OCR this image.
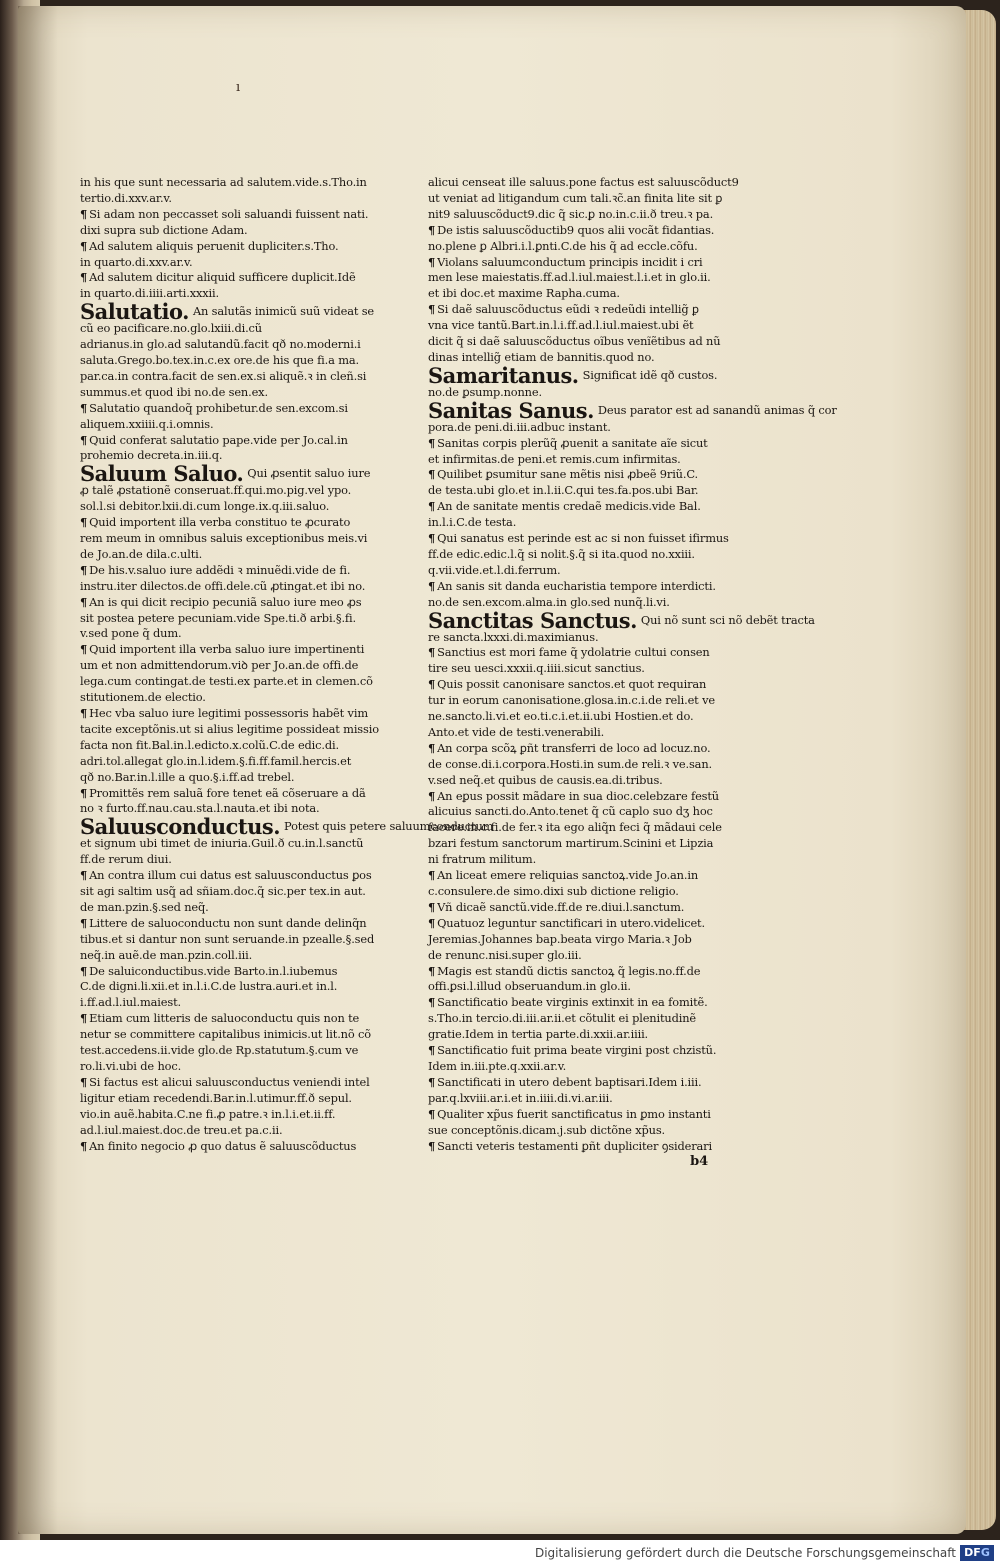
ı
in his que sunt necessaria ad salutem.vide.s.Tho.in
tertio.di.xxv.ar.v.
¶ Si adam non peccasset soli saluandi fuissent nati.
dixi supra sub dictione Adam.
¶ Ad salutem aliquis peruenit dupliciter.s.Tho.
in quarto.di.xxv.ar.v.
¶ Ad salutem dicitur aliquid sufficere duplicit.Idẽ
in quarto.di.iiii.arti.xxxii.
Salutatio. An salutãs inimicũ suũ videat se
cũ eo pacificare.no.glo.lxiii.di.cũ
adrianus.in glo.ad salutandũ.facit qð no.moderni.i
saluta.Grego.bo.tex.in.c.ex ore.de his que fi.a ma.
par.ca.in contra.facit de sen.ex.si aliquẽ.ꝛ in cleñ.si
summus.et quod ibi no.de sen.ex.
¶ Salutatio quandoq̃ prohibetur.de sen.excom.si
aliquem.xxiiii.q.i.omnis.
¶ Quid conferat salutatio pape.vide per Jo.cal.in
prohemio decreta.in.iii.q.
Saluum Saluo. Qui ꝓsentit saluo iure
ꝓ talẽ ꝓstationẽ conseruat.ff.qui.mo.pig.vel ypo.
sol.l.si debitor.lxii.di.cum longe.ix.q.iii.saluo.
¶ Quid importent illa verba constituo te ꝓcurato
rem meum in omnibus saluis exceptionibus meis.vi
de Jo.an.de dila.c.ulti.
¶ De his.v.saluo iure addẽdi ꝛ minuẽdi.vide de fi.
instru.iter dilectos.de offi.dele.cũ ꝓtingat.et ibi no.
¶ An is qui dicit recipio pecuniã saluo iure meo ꝓs
sit postea petere pecuniam.vide Spe.ti.ð arbi.§.fi.
v.sed pone q̃ dum.
¶ Quid importent illa verba saluo iure impertinenti
um et non admittendorum.viꝺ per Jo.an.de offi.de
lega.cum contingat.de testi.ex parte.et in clemen.cõ
stitutionem.de electio.
¶ Hec vba saluo iure legitimi possessoris habẽt vim
tacite exceptõnis.ut si alius legitime possideat missio
facta non fit.Bal.in.l.edicto.x.colũ.C.de edic.di.
adri.tol.allegat glo.in.l.idem.§.fi.ff.famil.hercis.et
qð no.Bar.in.l.ille a quo.§.i.ff.ad trebel.
¶ Promittẽs rem saluã fore tenet eã cõseruare a dã
no ꝛ furto.ff.nau.cau.sta.l.nauta.et ibi nota.
Saluusconductus. Potest quis petere saluumconductum
et signum ubi timet de iniuria.Guil.ð cu.in.l.sanctũ
ff.de rerum diui.
¶ An contra illum cui datus est saluusconductus ꝑos
sit agi saltim usq̃ ad sñiam.doc.q̃ sic.per tex.in aut.
de man.pzin.§.sed neq̃.
¶ Littere de saluoconductu non sunt dande delinq̃n
tibus.et si dantur non sunt seruande.in pzealle.§.sed
neq̃.in auẽ.de man.pzin.coll.iii.
¶ De saluiconductibus.vide Barto.in.l.iubemus
C.de digni.li.xii.et in.l.i.C.de lustra.auri.et in.l.
i.ff.ad.l.iul.maiest.
¶ Etiam cum litteris de saluoconductu quis non te
netur se committere capitalibus inimicis.ut lit.nõ cõ
test.accedens.ii.vide glo.de Rp.statutum.§.cum ve
ro.li.vi.ubi de hoc.
¶ Si factus est alicui saluusconductus veniendi intel
ligitur etiam recedendi.Bar.in.l.utimur.ff.ð sepul.
vio.in auẽ.habita.C.ne fi.ꝓ patre.ꝛ in.l.i.et.ii.ff.
ad.l.iul.maiest.doc.de treu.et pa.c.ii.
¶ An finito negocio ꝓ quo datus ẽ saluuscõductus
alicui censeat ille saluus.pone factus est saluuscõduct9
ut veniat ad litigandum cum tali.ꝛc̃.an finita lite sit ꝑ
nit9 saluuscõduct9.dic q̃ sic.ꝑ no.in.c.ii.ð treu.ꝛ pa.
¶ De istis saluuscõductib9 quos alii vocãt fidantias.
no.plene ꝑ Albri.i.l.ꝑnti.C.de his q̃ ad eccle.cõfu.
¶ Violans saluumconductum principis incidit i cri
men lese maiestatis.ff.ad.l.iul.maiest.l.i.et in glo.ii.
et ibi doc.et maxime Rapha.cuma.
¶ Si daẽ saluuscõductus eũdi ꝛ redeũdi intellig̃ ꝑ
vna vice tantũ.Bart.in.l.i.ff.ad.l.iul.maiest.ubi ẽt
dicit q̃ si daẽ saluuscõductus oĩbus venĩẽtibus ad nũ
dinas intellig̃ etiam de bannitis.quod no.
Samaritanus. Significat idẽ qð custos.
no.de ꝑsump.nonne.
Sanitas Sanus. Deus parator est ad sanandũ animas q̃ cor
pora.de peni.di.iii.adbuc instant.
¶ Sanitas corpis plerũq̃ ꝓuenit a sanitate aĩe sicut
et infirmitas.de peni.et remis.cum infirmitas.
¶ Quilibet ꝑsumitur sane mẽtis nisi ꝓbeẽ 9riũ.C.
de testa.ubi glo.et in.l.ii.C.qui tes.fa.pos.ubi Bar.
¶ An de sanitate mentis credaẽ medicis.vide Bal.
in.l.i.C.de testa.
¶ Qui sanatus est perinde est ac si non fuisset ifirmus
ff.de edic.edic.l.q̃ si nolit.§.q̃ si ita.quod no.xxiii.
q.vii.vide.et.l.di.ferrum.
¶ An sanis sit danda eucharistia tempore interdicti.
no.de sen.excom.alma.in glo.sed nunq̃.li.vi.
Sanctitas Sanctus. Qui nõ sunt sci nõ debẽt tracta
re sancta.lxxxi.di.maximianus.
¶ Sanctius est mori fame q̃ ydolatrie cultui consen
tire seu uesci.xxxii.q.iiii.sicut sanctius.
¶ Quis possit canonisare sanctos.et quot requiran
tur in eorum canonisatione.glosa.in.c.i.de reli.et ve
ne.sancto.li.vi.et eo.ti.c.i.et.ii.ubi Hostien.et do.
Anto.et vide de testi.venerabili.
¶ An corpa scõꝝ ꝑñt transferri de loco ad locuz.no.
de conse.di.i.corpora.Hosti.in sum.de reli.ꝛ ve.san.
v.sed neq̃.et quibus de causis.ea.di.tribus.
¶ An eꝑus possit mãdare in sua dioc.celebzare festũ
alicuius sancti.do.Anto.tenet q̃ cũ caplo suo dʒ hoc
facere.in.c.fi.de fer.ꝛ ita ego aliq̃n feci q̃ mãdaui cele
bzari festum sanctorum martirum.Scinini et Lipzia
ni fratrum militum.
¶ An liceat emere reliquias sanctoꝝ.vide Jo.an.in
c.consulere.de simo.dixi sub dictione religio.
¶ Vñ dicaẽ sanctũ.vide.ff.de re.diui.l.sanctum.
¶ Quatuoz leguntur sanctificari in utero.videlicet.
Jeremias.Johannes bap.beata virgo Maria.ꝛ Job
de renunc.nisi.super glo.iii.
¶ Magis est standũ dictis sanctoꝝ q̃ legis.no.ff.de
offi.ꝑsi.l.illud obseruandum.in glo.ii.
¶ Sanctificatio beate virginis extinxit in ea fomitẽ.
s.Tho.in tercio.di.iii.ar.ii.et cõtulit ei plenitudinẽ
gratie.Idem in tertia parte.di.xxii.ar.iiii.
¶ Sanctificatio fuit prima beate virgini post chzistũ.
Idem in.iii.pte.q.xxii.ar.v.
¶ Sanctificati in utero debent baptisari.Idem i.iii.
par.q.lxviii.ar.i.et in.iiii.di.vi.ar.iii.
¶ Qualiter xp̃us fuerit sanctificatus in ꝑmo instanti
sue conceptõnis.dicam.j.sub dictõne xp̃us.
¶ Sancti veteris testamenti ꝑñt dupliciter ꝯsiderari
b4
Digitalisierung gefördert durch die Deutsche Forschungsgemeinschaft DFG
